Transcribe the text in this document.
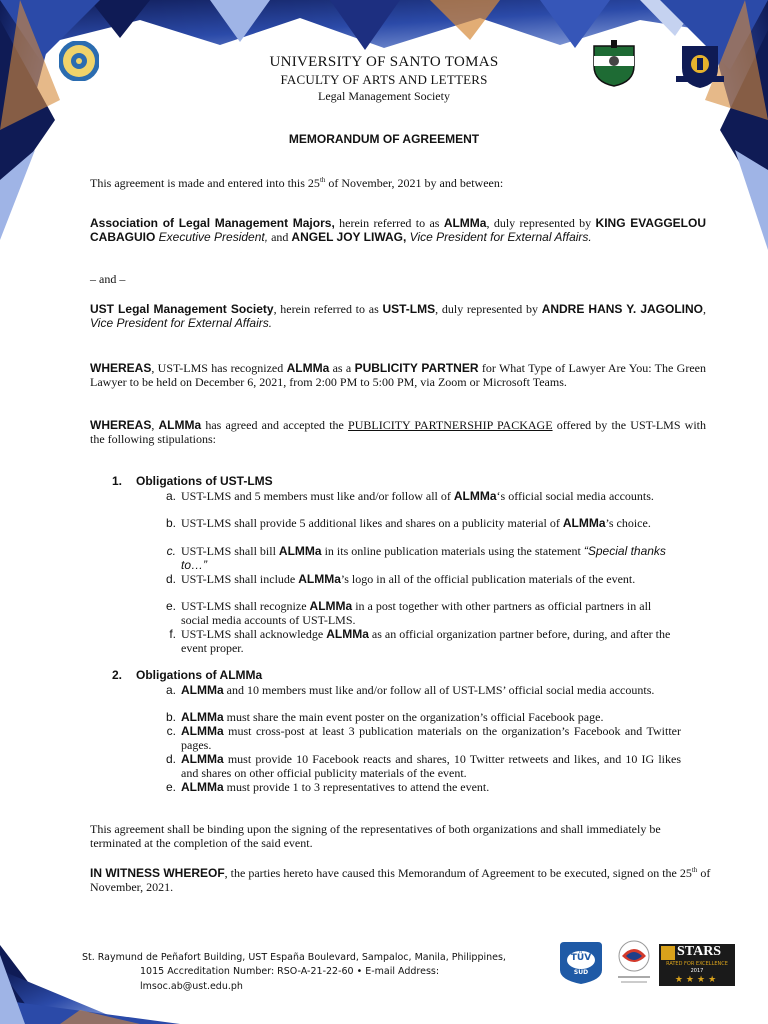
UNIVERSITY OF SANTO TOMAS
FACULTY OF ARTS AND LETTERS
Legal Management Society
MEMORANDUM OF AGREEMENT
This agreement is made and entered into this 25th of November, 2021 by and between:
Association of Legal Management Majors, herein referred to as ALMMa, duly represented by KING EVAGGELOU CABAGUIO Executive President, and ANGEL JOY LIWAG, Vice President for External Affairs.
– and –
UST Legal Management Society, herein referred to as UST-LMS, duly represented by ANDRE HANS Y. JAGOLINO, Vice President for External Affairs.
WHEREAS, UST-LMS has recognized ALMMa as a PUBLICITY PARTNER for What Type of Lawyer Are You: The Green Lawyer to be held on December 6, 2021, from 2:00 PM to 5:00 PM, via Zoom or Microsoft Teams.
WHEREAS, ALMMa has agreed and accepted the PUBLICITY PARTNERSHIP PACKAGE offered by the UST-LMS with the following stipulations:
1. Obligations of UST-LMS
a. UST-LMS and 5 members must like and/or follow all of ALMMa‘s official social media accounts.
b. UST-LMS shall provide 5 additional likes and shares on a publicity material of ALMMa’s choice.
c. UST-LMS shall bill ALMMa in its online publication materials using the statement “Special thanks to…”
d. UST-LMS shall include ALMMa’s logo in all of the official publication materials of the event.
e. UST-LMS shall recognize ALMMa in a post together with other partners as official partners in all social media accounts of UST-LMS.
f. UST-LMS shall acknowledge ALMMa as an official organization partner before, during, and after the event proper.
2. Obligations of ALMMa
a. ALMMa and 10 members must like and/or follow all of UST-LMS’ official social media accounts.
b. ALMMa must share the main event poster on the organization’s official Facebook page.
c. ALMMa must cross-post at least 3 publication materials on the organization’s Facebook and Twitter pages.
d. ALMMa must provide 10 Facebook reacts and shares, 10 Twitter retweets and likes, and 10 IG likes and shares on other official publicity materials of the event.
e. ALMMa must provide 1 to 3 representatives to attend the event.
This agreement shall be binding upon the signing of the representatives of both organizations and shall immediately be terminated at the completion of the said event.
IN WITNESS WHEREOF, the parties hereto have caused this Memorandum of Agreement to be executed, signed on the 25th of November, 2021.
St. Raymund de Peñafort Building, UST España Boulevard, Sampaloc, Manila, Philippines,
1015 Accreditation Number: RSO-A-21-22-60 • E-mail Address:
lmsoc.ab@ust.edu.ph
TÜV
SÜD
STARS
RATED FOR EXCELLENCE
2017
★★★★
